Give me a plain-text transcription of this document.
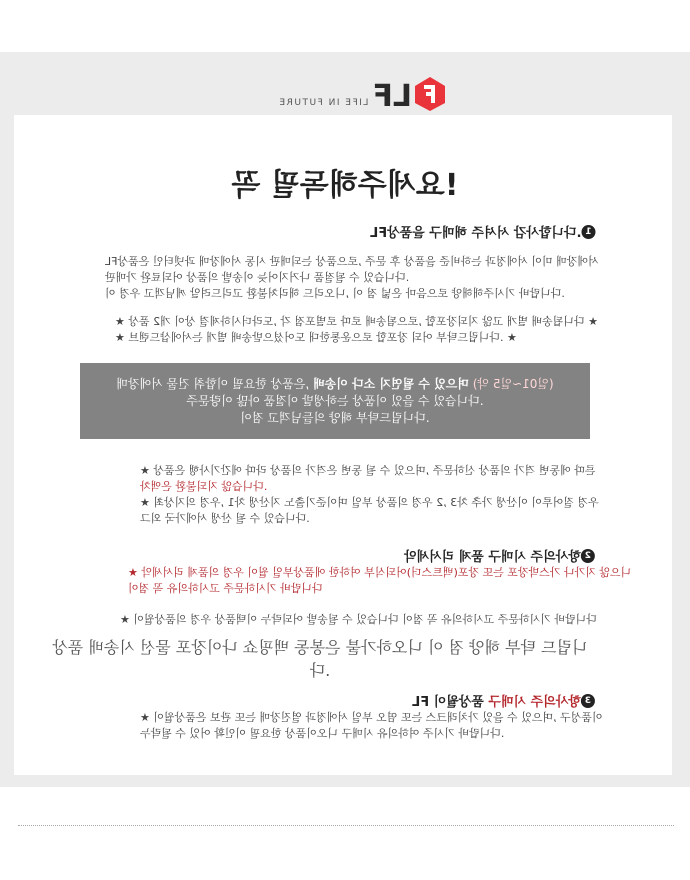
LF
LIFE IN FUTURE
꼭 필독해주세요!
1
LF상품을 구매해 주셔서 감사합니다.
LF상품은 인터넷과 매장에서 동시 판매되는 상품으로, 주문 후 상품을 준비하는 과정에서 이미 매장에서
판매가 완료되어 상품의 발송이 늦어지거나 품절될 수 있습니다.
이 경우 고객님께 알려드리고 환불처리해 드리오니, 이 점 넓은 마음으로 양해해주시기 바랍니다.
★ 상품 2개 이상 결제하시더라도, 각 점포별로 따로 배송됨으로, 합포장되지 않고 개별 배송됩니다 ★
★ 브랜드샵에서는 개별 배송받으셨어도 대한통운으로 합포장 되어 부탁드립니다. ★
매장에서 물건 취합이 필요한 상품은, 배송이 다소 지연될 수 있으며 (약 5일~10일)
주문량이 많아 품절이 발생하는 상품이 있을 수 있습니다.
이점 고객님들의 양해 부탁드립니다.
★ 상품은 행사기간에 따라 상품의 가격은 변동 될 수 있으며, 주문하신 상품의 가격 변동에 따른
차액은 환불되지 않습니다.
★ 최상지의 경우, 1차 생산지 노출기준이며 일부 상품의 경우 2, 3차 추가 생산이 이루어질 경우
그외 국가에서 생산 될 수 있습니다.
2
악세서리 제품 구매시 주의사항
★ 악세서리 제품의 경우 이월 일부상품에 한하여 부식되어(더스트백)포장 또는 포장박스가 나가지 않으니
이점 꼭 유의하시고 주문하시기 바랍니다
★ 이월상품의 경우 상품택이 누락되어 발송될 수 있습니다 이점 꼭 유의하시고 주문하시기 바랍니다
상품 배송시 선물 포장이나 쇼핑백 동봉은 불가하오니 이 점 양해 부탁 드립니다.
3
LF 이월상품 구매시 주의사항
★ 이월상품은 보관 또는 매장진열 과정에서 일부 오염 또는 스크래치가 있을 수 있으며, 구성품이
누락될 수 있어 확인이 필요한 상품이오니 구매시 유의하여 주시기 바랍니다.
